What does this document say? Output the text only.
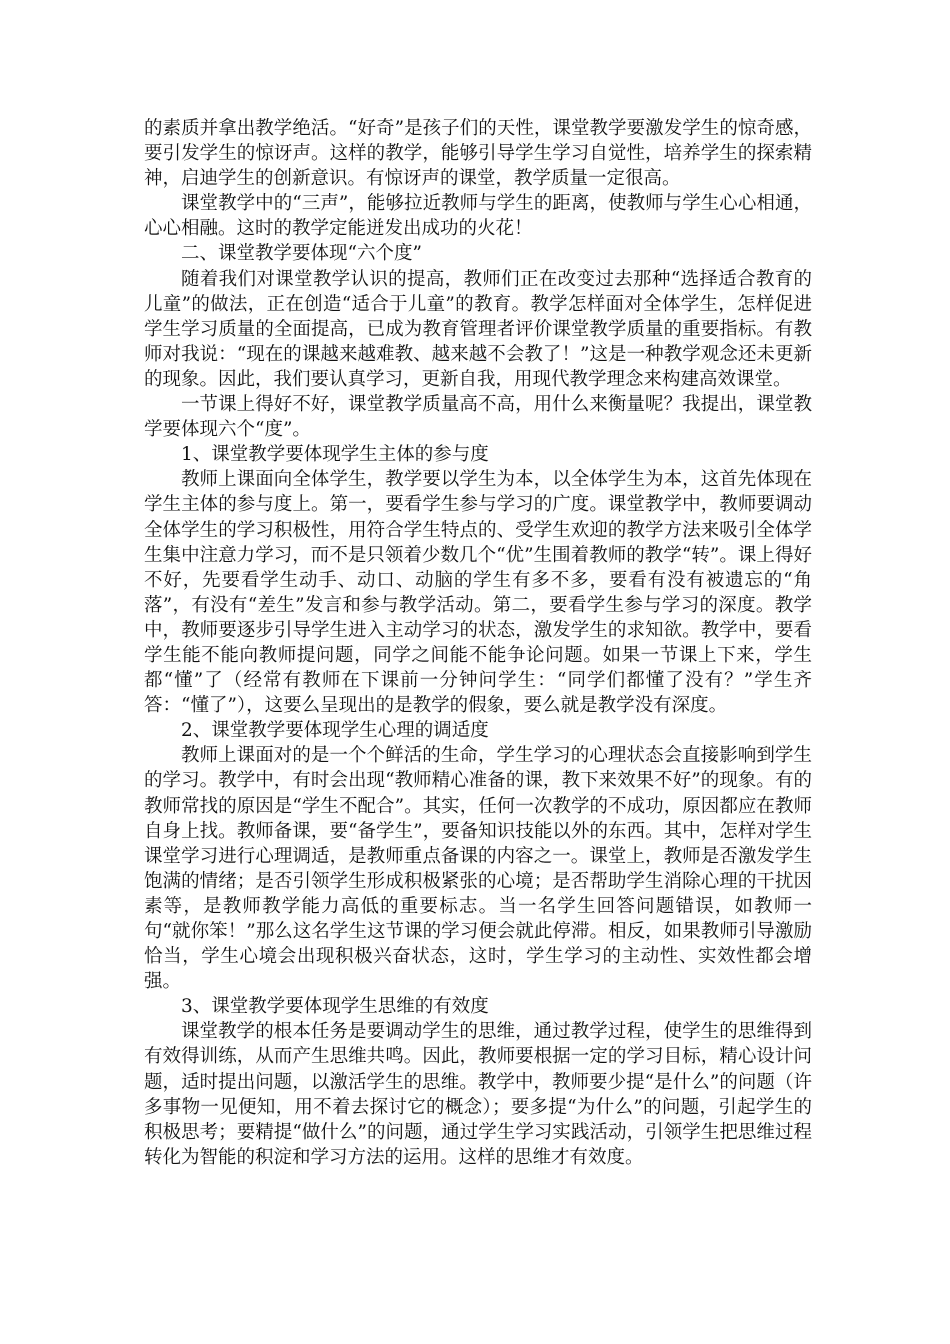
的素质并拿出教学绝活。“好奇”是孩子们的天性，课堂教学要激发学生的惊奇感，要引发学生的惊讶声。这样的教学，能够引导学生学习自觉性，培养学生的探索精神，启迪学生的创新意识。有惊讶声的课堂，教学质量一定很高。

课堂教学中的“三声”，能够拉近教师与学生的距离，使教师与学生心心相通，心心相融。这时的教学定能迸发出成功的火花！

二、课堂教学要体现“六个度”

随着我们对课堂教学认识的提高，教师们正在改变过去那种“选择适合教育的儿童”的做法，正在创造“适合于儿童”的教育。教学怎样面对全体学生，怎样促进学生学习质量的全面提高，已成为教育管理者评价课堂教学质量的重要指标。有教师对我说：“现在的课越来越难教、越来越不会教了！”这是一种教学观念还未更新的现象。因此，我们要认真学习，更新自我，用现代教学理念来构建高效课堂。

一节课上得好不好，课堂教学质量高不高，用什么来衡量呢？我提出，课堂教学要体现六个“度”。

1、课堂教学要体现学生主体的参与度

教师上课面向全体学生，教学要以学生为本，以全体学生为本，这首先体现在学生主体的参与度上。第一，要看学生参与学习的广度。课堂教学中，教师要调动全体学生的学习积极性，用符合学生特点的、受学生欢迎的教学方法来吸引全体学生集中注意力学习，而不是只领着少数几个“优”生围着教师的教学“转”。课上得好不好，先要看学生动手、动口、动脑的学生有多不多，要看有没有被遗忘的“角落”，有没有“差生”发言和参与教学活动。第二，要看学生参与学习的深度。教学中，教师要逐步引导学生进入主动学习的状态，激发学生的求知欲。教学中，要看学生能不能向教师提问题，同学之间能不能争论问题。如果一节课上下来，学生都“懂”了（经常有教师在下课前一分钟问学生：“同学们都懂了没有？”学生齐答：“懂了”），这要么呈现出的是教学的假象，要么就是教学没有深度。

2、课堂教学要体现学生心理的调适度

教师上课面对的是一个个鲜活的生命，学生学习的心理状态会直接影响到学生的学习。教学中，有时会出现“教师精心准备的课，教下来效果不好”的现象。有的教师常找的原因是“学生不配合”。其实，任何一次教学的不成功，原因都应在教师自身上找。教师备课，要“备学生”，要备知识技能以外的东西。其中，怎样对学生课堂学习进行心理调适，是教师重点备课的内容之一。课堂上，教师是否激发学生饱满的情绪；是否引领学生形成积极紧张的心境；是否帮助学生消除心理的干扰因素等，是教师教学能力高低的重要标志。当一名学生回答问题错误，如教师一句“就你笨！”那么这名学生这节课的学习便会就此停滞。相反，如果教师引导激励恰当，学生心境会出现积极兴奋状态，这时，学生学习的主动性、实效性都会增强。

3、课堂教学要体现学生思维的有效度

课堂教学的根本任务是要调动学生的思维，通过教学过程，使学生的思维得到有效得训练，从而产生思维共鸣。因此，教师要根据一定的学习目标，精心设计问题，适时提出问题，以激活学生的思维。教学中，教师要少提“是什么”的问题（许多事物一见便知，用不着去探讨它的概念）；要多提“为什么”的问题，引起学生的积极思考；要精提“做什么”的问题，通过学生学习实践活动，引领学生把思维过程转化为智能的积淀和学习方法的运用。这样的思维才有效度。
